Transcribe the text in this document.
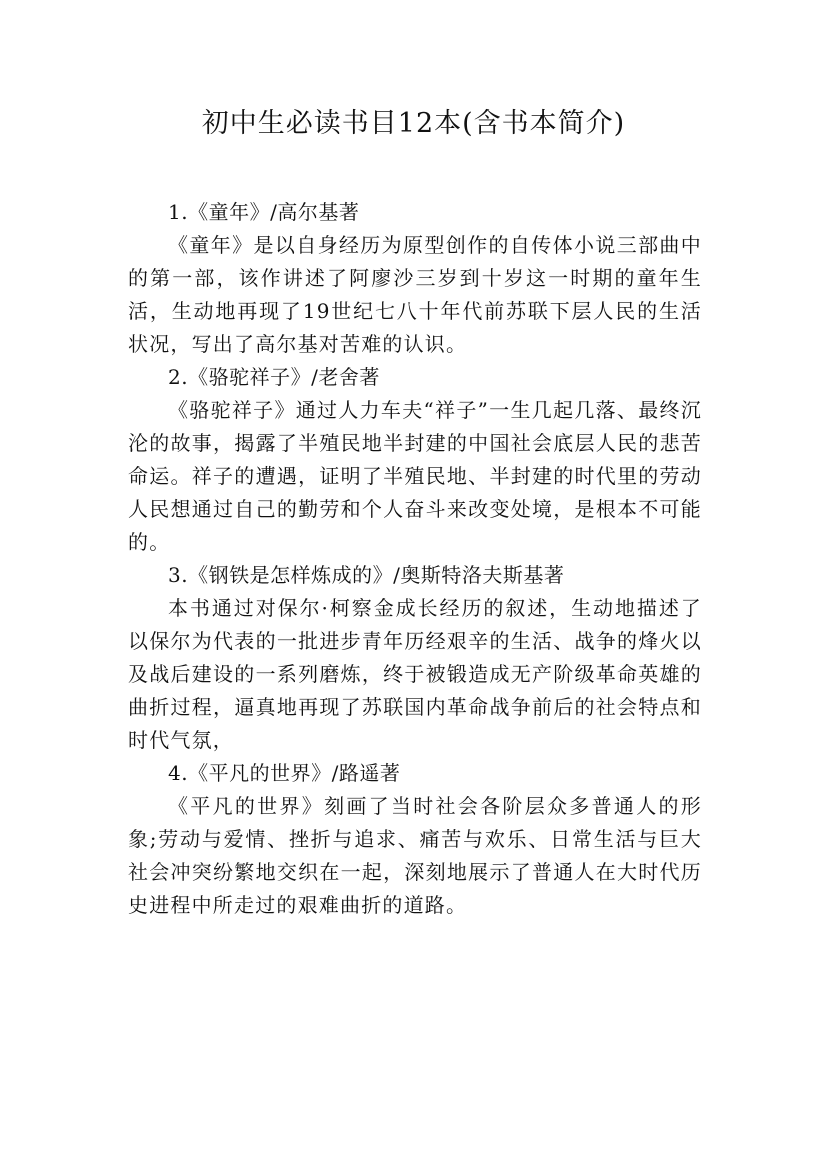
初中生必读书目12本(含书本简介)

1.《童年》/高尔基著

《童年》是以自身经历为原型创作的自传体小说三部曲中的第一部，该作讲述了阿廖沙三岁到十岁这一时期的童年生活，生动地再现了19世纪七八十年代前苏联下层人民的生活状况，写出了高尔基对苦难的认识。

2.《骆驼祥子》/老舍著

《骆驼祥子》通过人力车夫“祥子”一生几起几落、最终沉沦的故事，揭露了半殖民地半封建的中国社会底层人民的悲苦命运。祥子的遭遇，证明了半殖民地、半封建的时代里的劳动人民想通过自己的勤劳和个人奋斗来改变处境，是根本不可能的。

3.《钢铁是怎样炼成的》/奥斯特洛夫斯基著

本书通过对保尔·柯察金成长经历的叙述，生动地描述了以保尔为代表的一批进步青年历经艰辛的生活、战争的烽火以及战后建设的一系列磨炼，终于被锻造成无产阶级革命英雄的曲折过程，逼真地再现了苏联国内革命战争前后的社会特点和时代气氛，

4.《平凡的世界》/路遥著

《平凡的世界》刻画了当时社会各阶层众多普通人的形象;劳动与爱情、挫折与追求、痛苦与欢乐、日常生活与巨大社会冲突纷繁地交织在一起，深刻地展示了普通人在大时代历史进程中所走过的艰难曲折的道路。
